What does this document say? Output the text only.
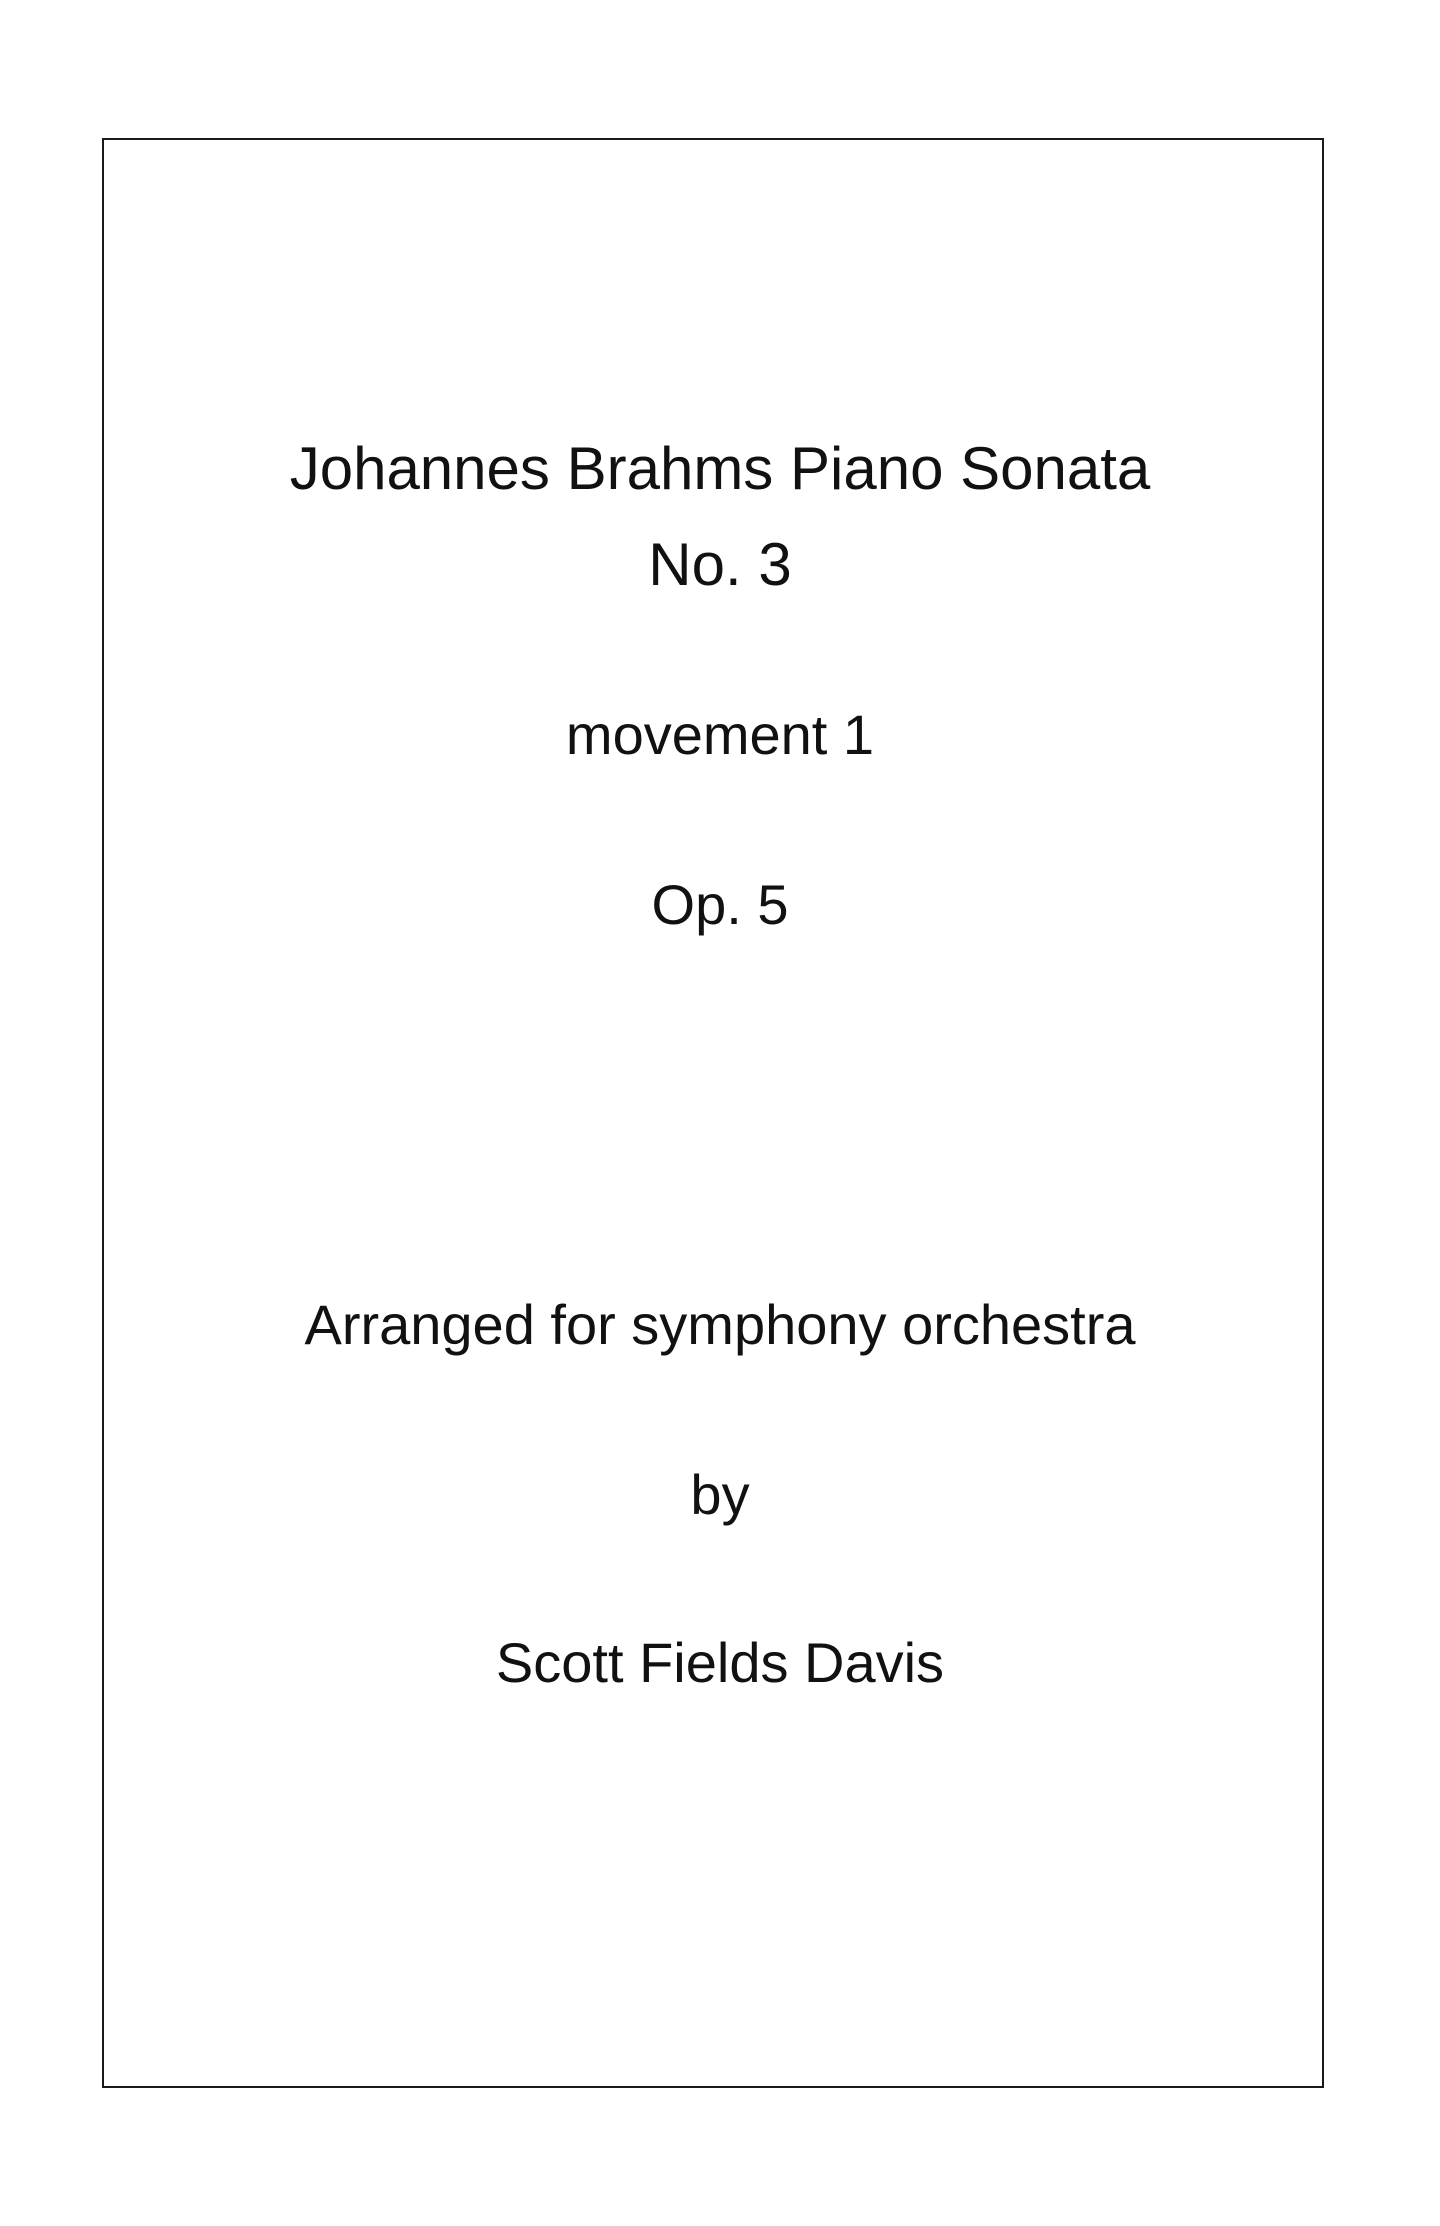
Johannes Brahms Piano Sonata
No. 3
movement 1
Op. 5
Arranged for symphony orchestra
by
Scott Fields Davis
